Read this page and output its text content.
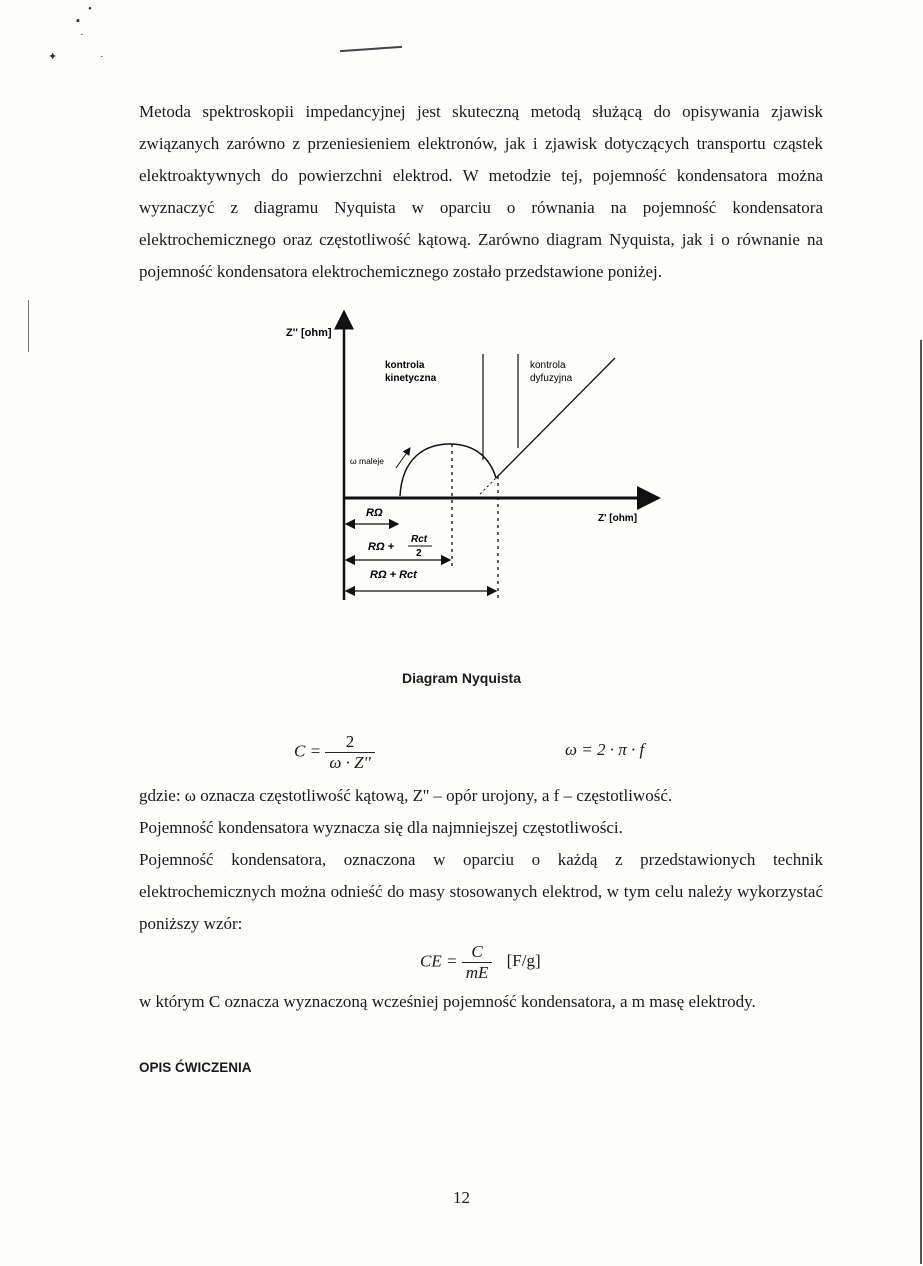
•
▪
·
✦	·

Metoda spektroskopii impedancyjnej jest skuteczną metodą służącą do opisywania zjawisk związanych zarówno z przeniesieniem elektronów, jak i zjawisk dotyczących transportu cząstek elektroaktywnych do powierzchni elektrod. W metodzie tej, pojemność kondensatora można wyznaczyć z diagramu Nyquista w oparciu o równania na pojemność kondensatora elektrochemicznego oraz częstotliwość kątową. Zarówno diagram Nyquista, jak i o równanie na pojemność kondensatora elektrochemicznego zostało przedstawione poniżej.

Z'' [ohm]
Z' [ohm]
kontrola kinetyczna
kontrola dyfuzyjna
ω maleje
RΩ
RΩ +
Rct
2
RΩ + Rct
Diagram Nyquista
$C = \frac{2}{\omega \cdot Z''}$	ω = 2 · π · f

gdzie: ω oznacza częstotliwość kątową, Z'' – opór urojony, a f – częstotliwość.

Pojemność kondensatora wyznacza się dla najmniejszej częstotliwości.

Pojemność kondensatora, oznaczona w oparciu o każdą z przedstawionych technik elektrochemicznych można odnieść do masy stosowanych elektrod, w tym celu należy wykorzystać poniższy wzór:

CE = $\frac{C}{mE} [F/g]$

w którym C oznacza wyznaczoną wcześniej pojemność kondensatora, a m masę elektrody.

OPIS ĆWICZENIA
12
